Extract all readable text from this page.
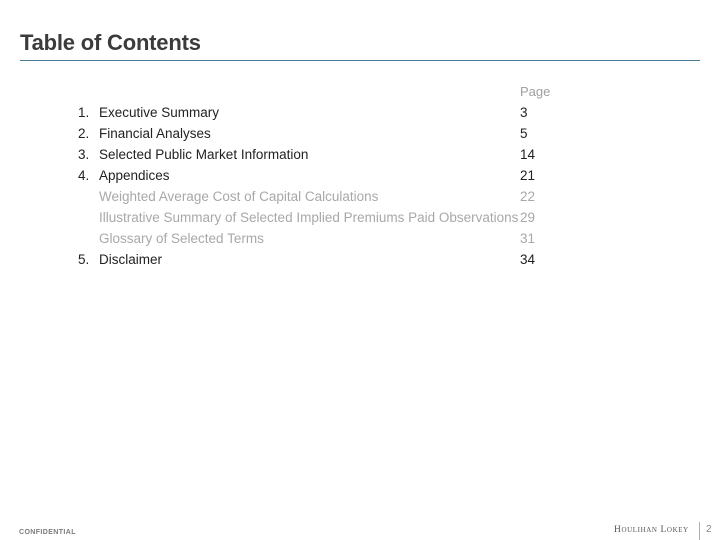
Table of Contents
Page
1. Executive Summary	3
2. Financial Analyses	5
3. Selected Public Market Information	14
4. Appendices	21
Weighted Average Cost of Capital Calculations	22
Illustrative Summary of Selected Implied Premiums Paid Observations 29
Glossary of Selected Terms	31
5. Disclaimer	34
CONFIDENTIAL	Houlihan Lokey 2
